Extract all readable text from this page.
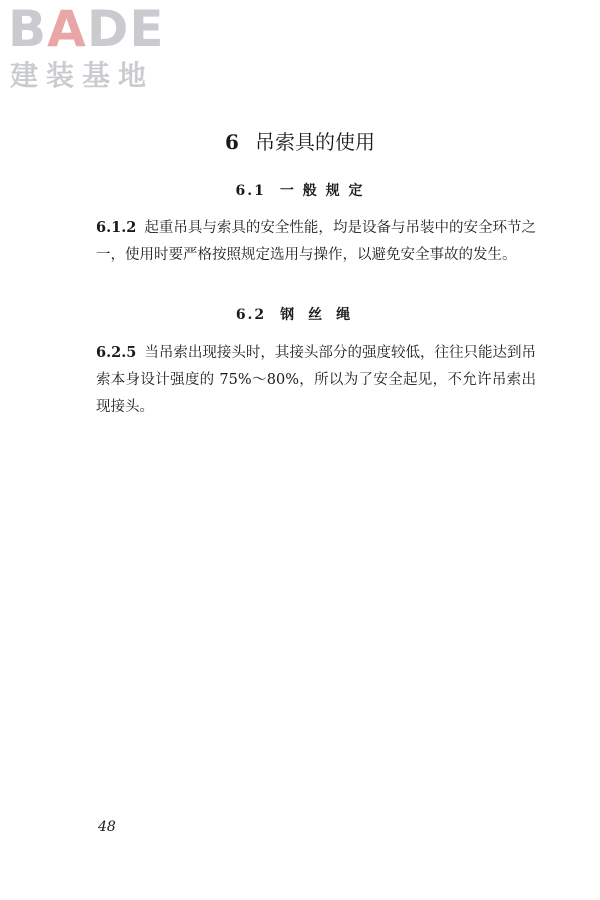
BADE
建装基地
6 吊索具的使用
6.1 一 般 规 定

6.1.2 起重吊具与索具的安全性能，均是设备与吊装中的安全环节之一，使用时要严格按照规定选用与操作，以避免安全事故的发生。

6.2 钢丝绳

6.2.5 当吊索出现接头时，其接头部分的强度较低，往往只能达到吊索本身设计强度的 75%～80%，所以为了安全起见，不允许吊索出现接头。

48
